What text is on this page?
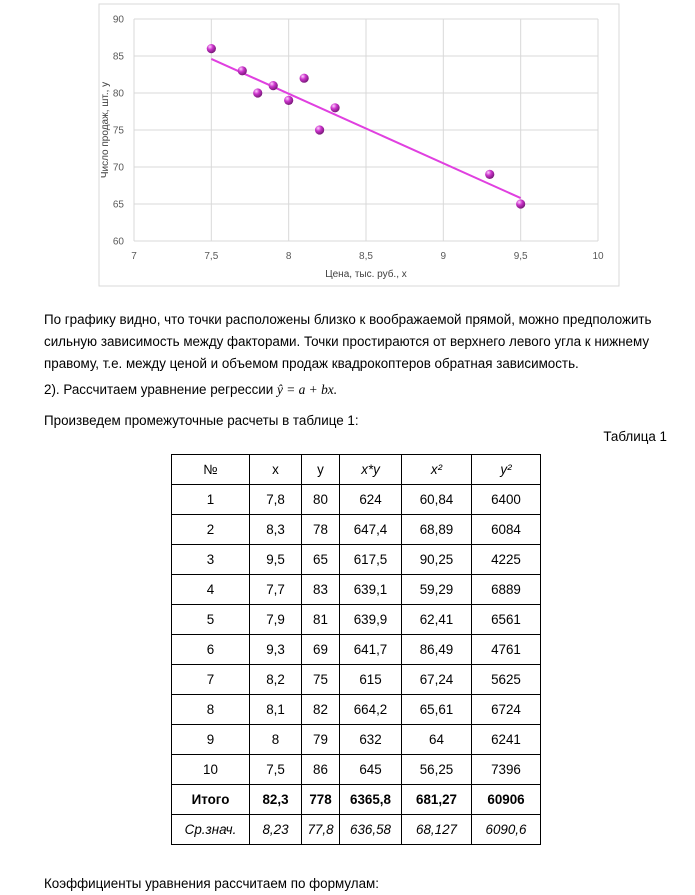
60
65
70
75
80
85
90
7	7,5	8	8,5	9	9,5	10
Цена, тыс. руб., x
Число продаж, шт., y

По графику видно, что точки расположены близко к воображаемой прямой, можно предположить сильную зависимость между факторами. Точки простираются от верхнего левого угла к нижнему правому, т.е. между ценой и объемом продаж квадрокоптеров обратная зависимость.

2). Рассчитаем уравнение регрессии ŷ = a + bx.

Произведем промежуточные расчеты в таблице 1:

Таблица 1
№	x	y	x*y	x²	y²
1	7,8	80	624	60,84	6400
2	8,3	78	647,4	68,89	6084
3	9,5	65	617,5	90,25	4225
4	7,7	83	639,1	59,29	6889
5	7,9	81	639,9	62,41	6561
6	9,3	69	641,7	86,49	4761
7	8,2	75	615	67,24	5625
8	8,1	82	664,2	65,61	6724
9	8	79	632	64	6241
10	7,5	86	645	56,25	7396
Итого	82,3	778	6365,8	681,27	60906
Ср.знач.	8,23	77,8	636,58	68,127	6090,6

Коэффициенты уравнения рассчитаем по формулам:
